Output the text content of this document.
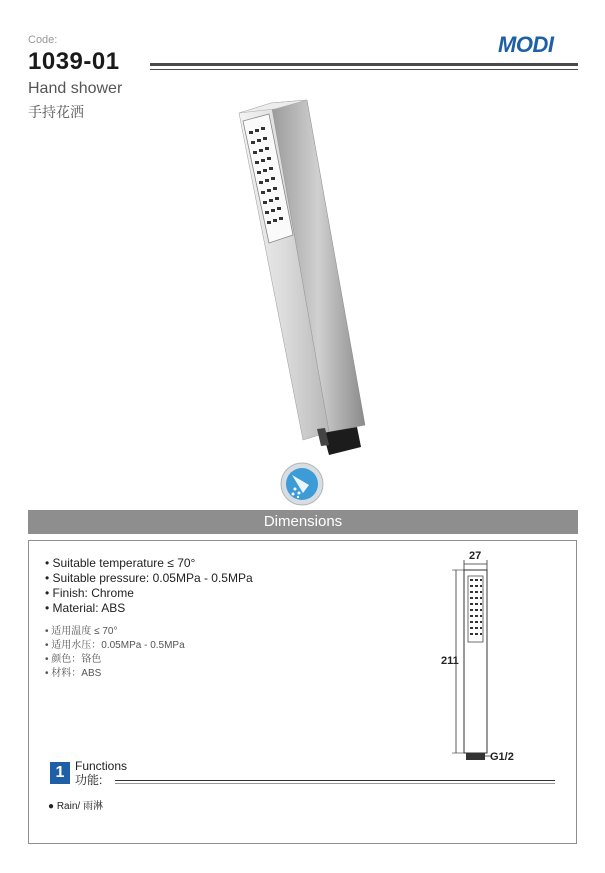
Code:
1039-01
MODI
Hand shower
手持花洒
Dimensions
• Suitable temperature ≤ 70°
• Suitable pressure: 0.05MPa - 0.5MPa
• Finish: Chrome
• Material: ABS
• 适用温度 ≤ 70°
• 适用水压：0.05MPa - 0.5MPa
• 颜色：铬色
• 材料：ABS
27
211
G1/2
1 Functions
功能:
● Rain/ 雨淋
